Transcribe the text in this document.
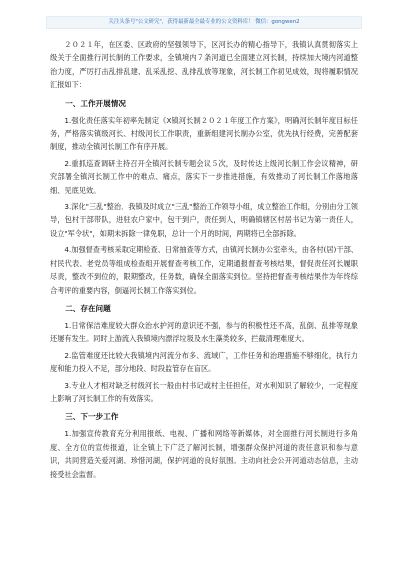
关注头条号"公文研究"，获得最新最全最专业的公文资料库！ 微信：gongwen2

２０２１年，在区委、区政府的坚强领导下，区河长办的精心指导下，我镇认真贯彻落实上级关于全面推行河长制的工作要求，全镇境内７条河道已全面建立河长制，持续加大境内河道整治力度，严厉打击乱排乱建、乱采乱挖、乱排乱放等现象，河长制工作初见成效，现将履职情况汇报如下：

一、工作开展情况

1.强化责任落实年初率先制定《X镇河长制２０２１年度工作方案》，明确河长制年度目标任务，严格落实镇级河长、村级河长工作职责，重新组建河长制办公室，优先执行经费，完善配套制度，推动全镇河长制工作有序开展。

2.重抓巡查调研主持召开全镇河长制专题会议５次，及时传达上级河长制工作会议精神，研究部署全镇河长制工作中的难点、痛点，落实下一步推进措施，有效推动了河长制工作落地落细、见底见效。

3.深化"三乱"整治．我镇及时成立"三乱"整治工作领导小组，成立整治工作组，分别由分工领导，包村干部带队，进驻农户家中，包干到户，责任到人，明确镇辖区村居书记为第一责任人，设立"军令状"，如期未拆除一律免职，总计一个月的时间，两期将已全部拆除。

4.加强督查考核采取定期检查、日常抽查等方式，由镇河长制办公室牵头，由各村(居)干部、村民代表、老党员等组成检查组开展督查考核工作，定期通报督查考核结果，督促责任河长履职尽责，整改不到位的，限期整改，任务数，确保全面落实到位。坚持把督查考核结果作为年终综合考评的重要内容，倒逼河长制工作落实到位。

二、存在问题

1.日常保洁难度较大群众治水护河的意识还不强，参与的积极性还不高，乱倒、乱排等现象还屡有发生。同时上游流入我镇境内漂浮垃圾及水生藻类较多，拦截清理难度大。

2.监管难度还比较大我镇境内河流分布多、流域广，工作任务和治理措施不够细化，执行力度和能力投入不足，部分地段、时段监管存在盲区。

3.专业人才相对缺乏村级河长一般由村书记或村主任担任，对水利知识了解较少，一定程度上影响了河长制工作的有效落实。

三、下一步工作

1.加强宣传教育充分利用报纸、电视、广播和网络等新媒体，对全面推行河长制进行多角度、全方位的宣传报道，让全镇上下广泛了解河长制，增强群众保护河道的责任意识和参与意识，共同营造关爱河湖、珍惜河湖，保护河道的良好氛围。主动向社会公开河道动态信息，主动接受社会监督。
